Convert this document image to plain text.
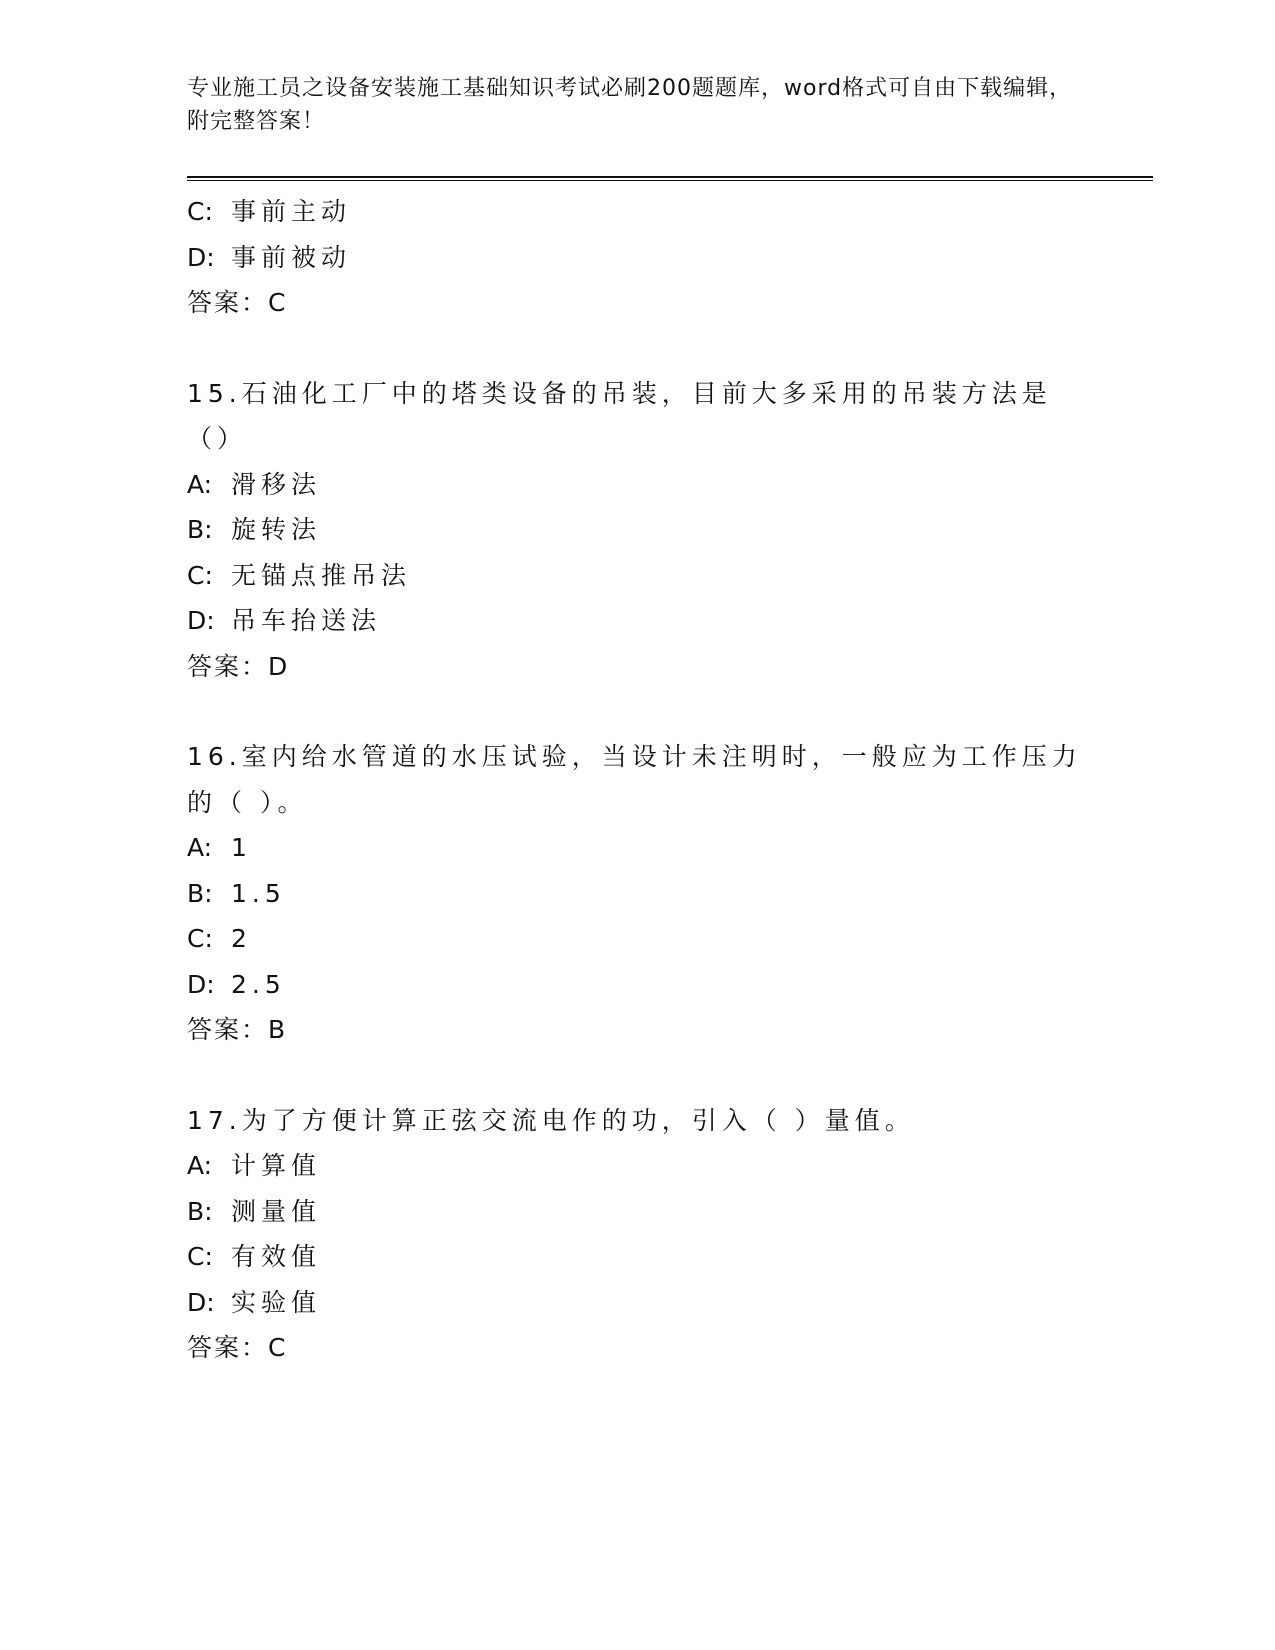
专业施工员之设备安装施工基础知识考试必刷200题题库，word格式可自由下载编辑，附完整答案！
C: 事前主动
D: 事前被动
答案：C
15.石油化工厂中的塔类设备的吊装，目前大多采用的吊装方法是（）
A: 滑移法
B: 旋转法
C: 无锚点推吊法
D: 吊车抬送法
答案：D
16.室内给水管道的水压试验，当设计未注明时，一般应为工作压力的（ ）。
A: 1
B: 1.5
C: 2
D: 2.5
答案：B
17.为了方便计算正弦交流电作的功，引入（ ）量值。
A: 计算值
B: 测量值
C: 有效值
D: 实验值
答案：C
